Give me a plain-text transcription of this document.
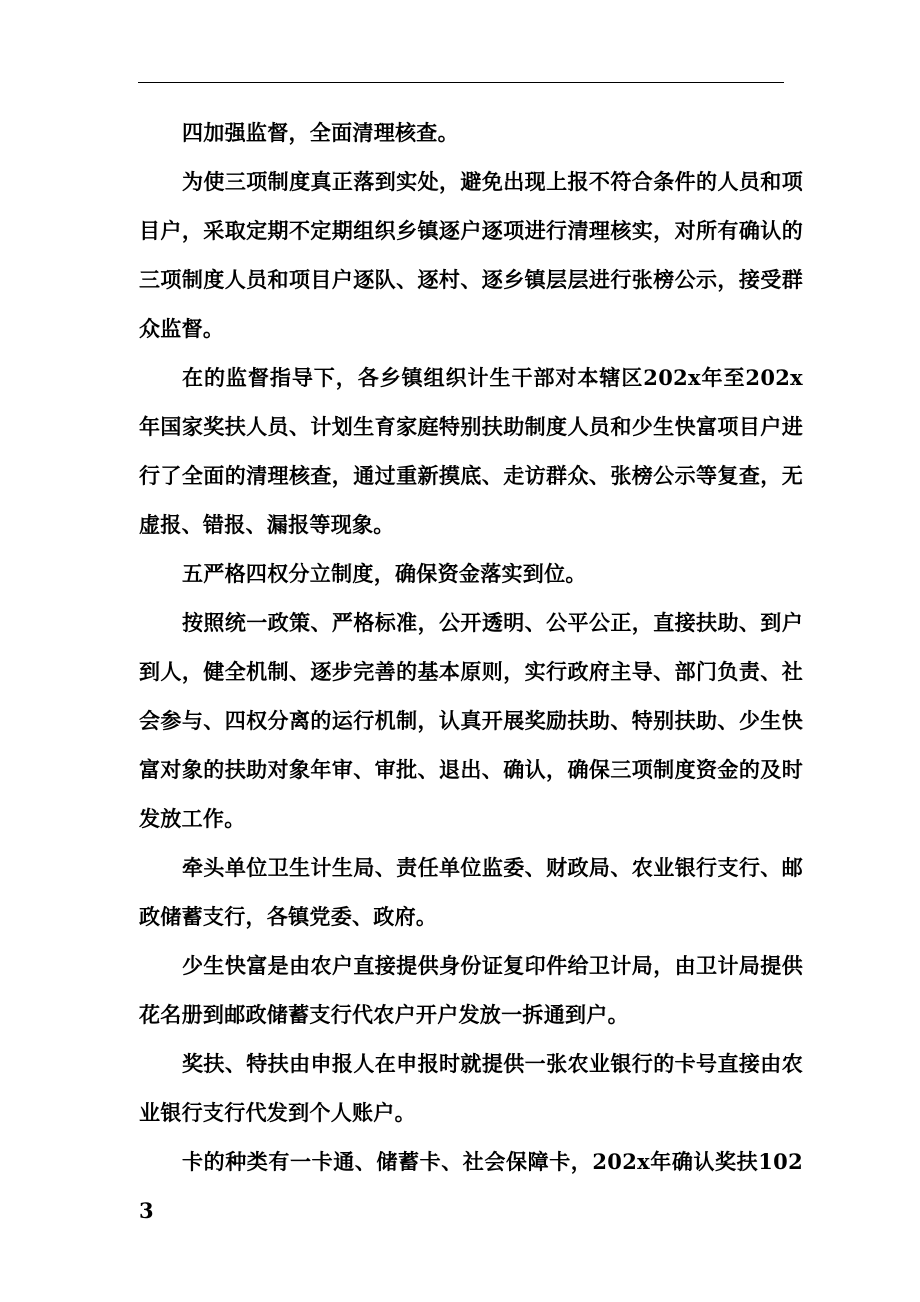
四加强监督，全面清理核查。

为使三项制度真正落到实处，避免出现上报不符合条件的人员和项目户，采取定期不定期组织乡镇逐户逐项进行清理核实，对所有确认的三项制度人员和项目户逐队、逐村、逐乡镇层层进行张榜公示，接受群众监督。

在的监督指导下，各乡镇组织计生干部对本辖区202x年至202x年国家奖扶人员、计划生育家庭特别扶助制度人员和少生快富项目户进行了全面的清理核查，通过重新摸底、走访群众、张榜公示等复查，无虚报、错报、漏报等现象。

五严格四权分立制度，确保资金落实到位。

按照统一政策、严格标准，公开透明、公平公正，直接扶助、到户到人，健全机制、逐步完善的基本原则，实行政府主导、部门负责、社会参与、四权分离的运行机制，认真开展奖励扶助、特别扶助、少生快富对象的扶助对象年审、审批、退出、确认，确保三项制度资金的及时发放工作。

牵头单位卫生计生局、责任单位监委、财政局、农业银行支行、邮政储蓄支行，各镇党委、政府。

少生快富是由农户直接提供身份证复印件给卫计局，由卫计局提供花名册到邮政储蓄支行代农户开户发放一拆通到户。

奖扶、特扶由申报人在申报时就提供一张农业银行的卡号直接由农业银行支行代发到个人账户。

卡的种类有一卡通、储蓄卡、社会保障卡，202x年确认奖扶1023
